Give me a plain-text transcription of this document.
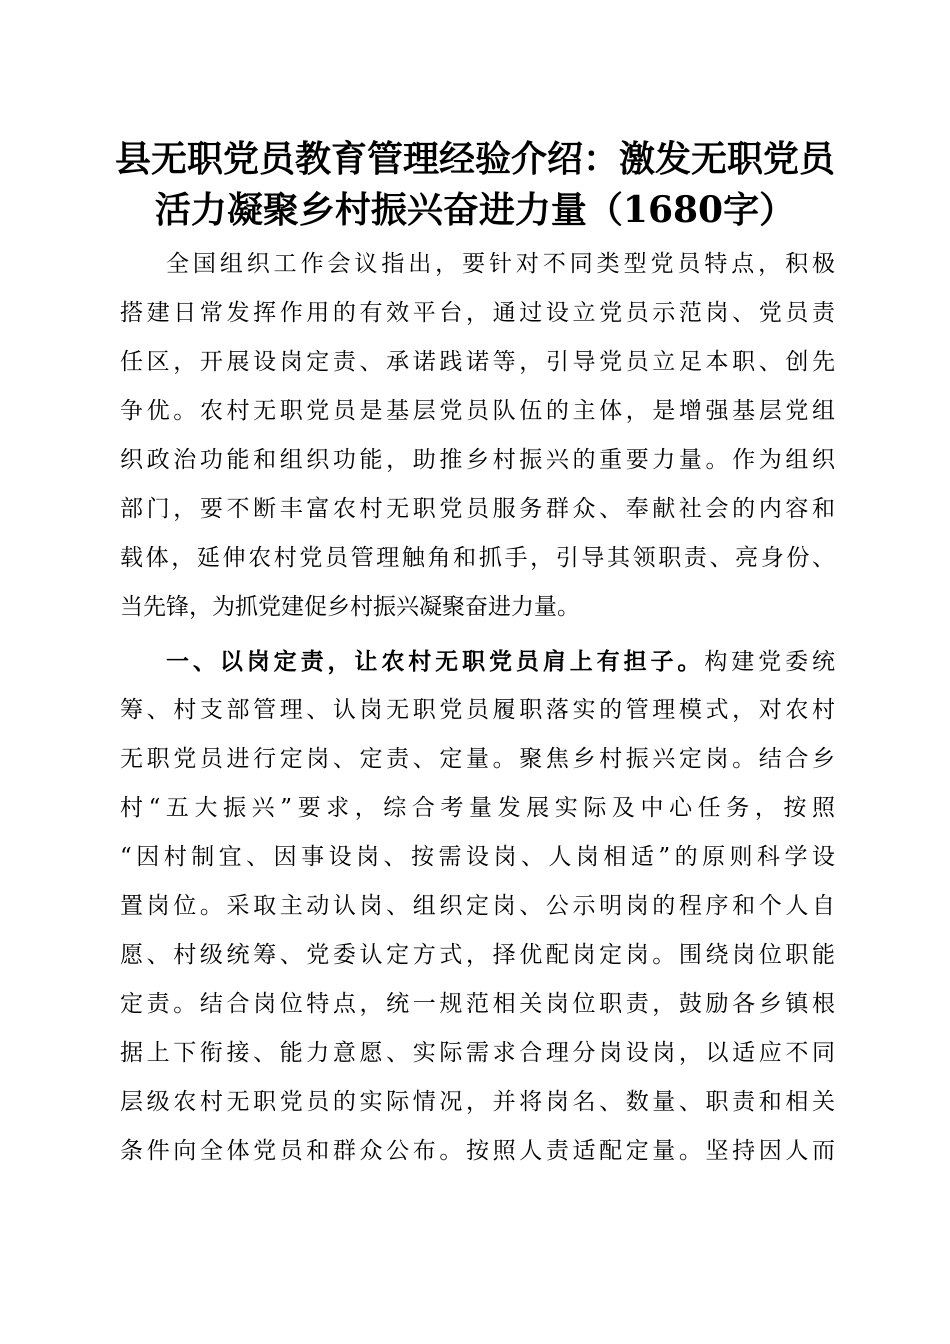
县无职党员教育管理经验介绍：激发无职党员
活力凝聚乡村振兴奋进力量（1680字）
全国组织工作会议指出，要针对不同类型党员特点，积极
搭建日常发挥作用的有效平台，通过设立党员示范岗、党员责
任区，开展设岗定责、承诺践诺等，引导党员立足本职、创先
争优。农村无职党员是基层党员队伍的主体，是增强基层党组
织政治功能和组织功能，助推乡村振兴的重要力量。作为组织
部门，要不断丰富农村无职党员服务群众、奉献社会的内容和
载体，延伸农村党员管理触角和抓手，引导其领职责、亮身份、
当先锋，为抓党建促乡村振兴凝聚奋进力量。
一、以岗定责，让农村无职党员肩上有担子。构建党委统
筹、村支部管理、认岗无职党员履职落实的管理模式，对农村
无职党员进行定岗、定责、定量。聚焦乡村振兴定岗。结合乡
村“五大振兴”要求，综合考量发展实际及中心任务，按照
“因村制宜、因事设岗、按需设岗、人岗相适”的原则科学设
置岗位。采取主动认岗、组织定岗、公示明岗的程序和个人自
愿、村级统筹、党委认定方式，择优配岗定岗。围绕岗位职能
定责。结合岗位特点，统一规范相关岗位职责，鼓励各乡镇根
据上下衔接、能力意愿、实际需求合理分岗设岗，以适应不同
层级农村无职党员的实际情况，并将岗名、数量、职责和相关
条件向全体党员和群众公布。按照人责适配定量。坚持因人而
